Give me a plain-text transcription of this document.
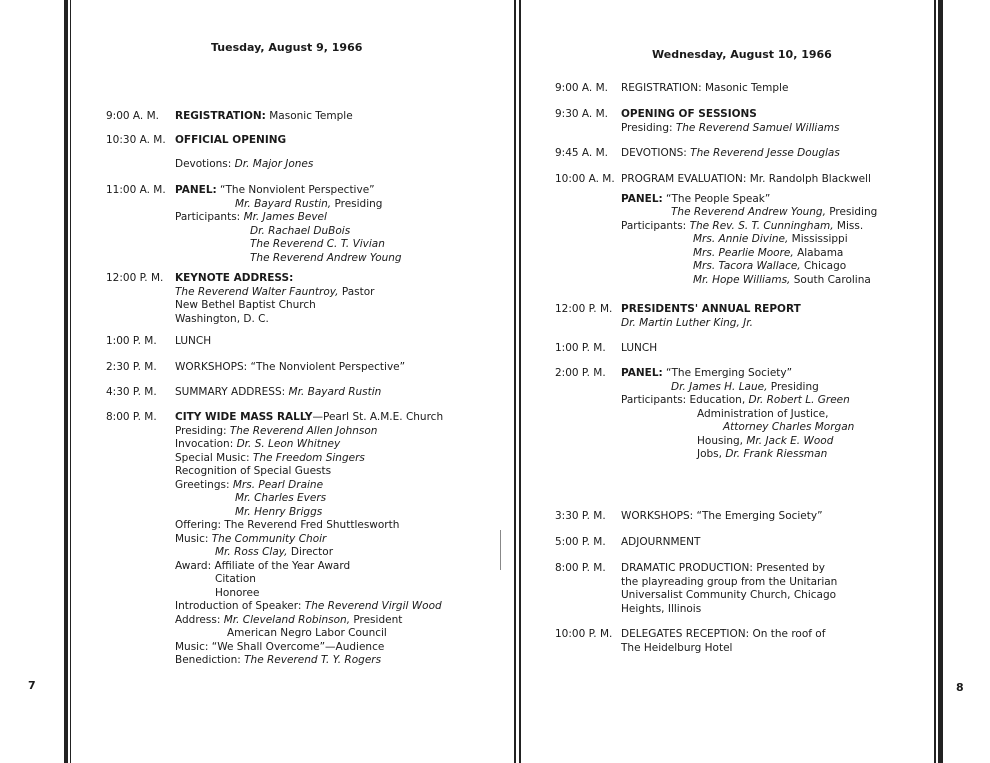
7	8
Tuesday, August 9, 1966
Wednesday, August 10, 1966
9:00 A. M. REGISTRATION: Masonic Temple
10:30 A. M. OFFICIAL OPENING
Devotions: Dr. Major Jones
11:00 A. M. PANEL: “The Nonviolent Perspective”
Mr. Bayard Rustin, Presiding
Participants: Mr. James Bevel
Dr. Rachael DuBois
The Reverend C. T. Vivian
The Reverend Andrew Young
12:00 P. M. KEYNOTE ADDRESS:
The Reverend Walter Fauntroy, Pastor
New Bethel Baptist Church
Washington, D. C.
1:00 P. M. LUNCH
2:30 P. M. WORKSHOPS: “The Nonviolent Perspective”
4:30 P. M. SUMMARY ADDRESS: Mr. Bayard Rustin
8:00 P. M. CITY WIDE MASS RALLY—Pearl St. A.M.E. Church
Presiding: The Reverend Allen Johnson
Invocation: Dr. S. Leon Whitney
Special Music: The Freedom Singers
Recognition of Special Guests
Greetings: Mrs. Pearl Draine
Mr. Charles Evers
Mr. Henry Briggs
Offering: The Reverend Fred Shuttlesworth
Music: The Community Choir
Mr. Ross Clay, Director
Award: Affiliate of the Year Award
Citation
Honoree
Introduction of Speaker: The Reverend Virgil Wood
Address: Mr. Cleveland Robinson, President
American Negro Labor Council
Music: “We Shall Overcome”—Audience
Benediction: The Reverend T. Y. Rogers
9:00 A. M. REGISTRATION: Masonic Temple
9:30 A. M. OPENING OF SESSIONS
Presiding: The Reverend Samuel Williams
9:45 A. M. DEVOTIONS: The Reverend Jesse Douglas
10:00 A. M. PROGRAM EVALUATION: Mr. Randolph Blackwell
PANEL: “The People Speak”
The Reverend Andrew Young, Presiding
Participants: The Rev. S. T. Cunningham, Miss.
Mrs. Annie Divine, Mississippi
Mrs. Pearlie Moore, Alabama
Mrs. Tacora Wallace, Chicago
Mr. Hope Williams, South Carolina
12:00 P. M. PRESIDENTS' ANNUAL REPORT
Dr. Martin Luther King, Jr.
1:00 P. M. LUNCH
2:00 P. M. PANEL: “The Emerging Society”
Dr. James H. Laue, Presiding
Participants: Education, Dr. Robert L. Green
Administration of Justice,
Attorney Charles Morgan
Housing, Mr. Jack E. Wood
Jobs, Dr. Frank Riessman
3:30 P. M. WORKSHOPS: “The Emerging Society”
5:00 P. M. ADJOURNMENT
8:00 P. M. DRAMATIC PRODUCTION: Presented by
the playreading group from the Unitarian
Universalist Community Church, Chicago
Heights, Illinois
10:00 P. M. DELEGATES RECEPTION: On the roof of
The Heidelburg Hotel
